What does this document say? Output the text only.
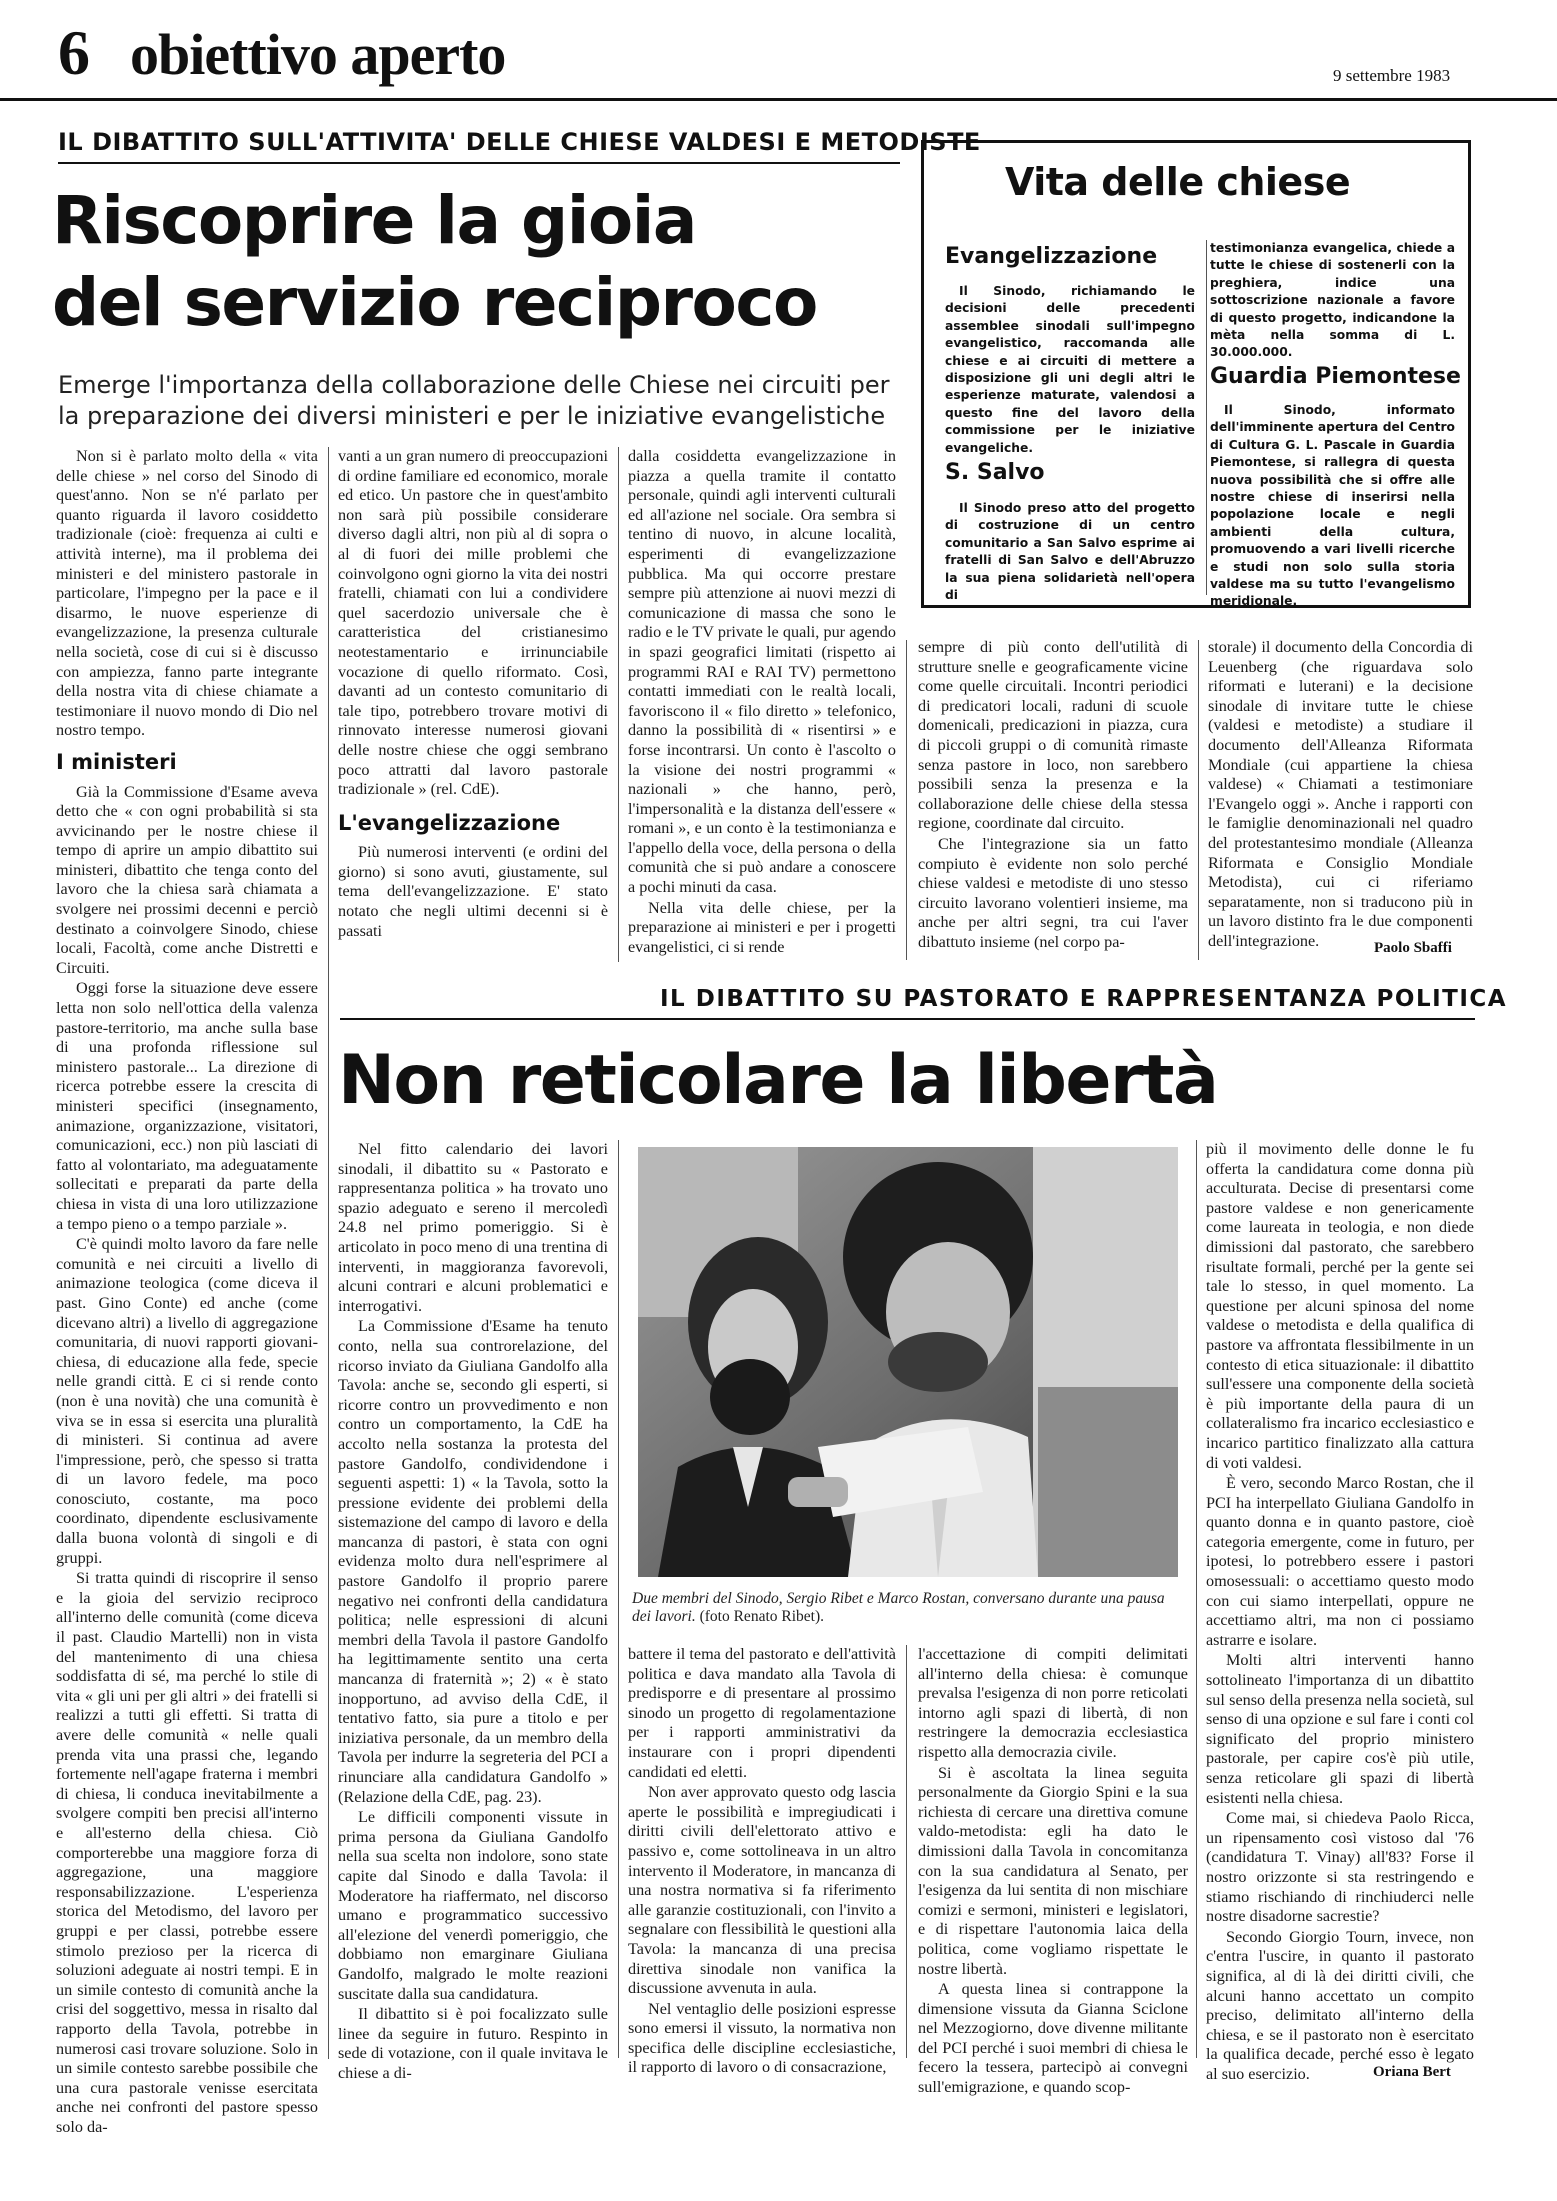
6 obiettivo aperto	9 settembre 1983
IL DIBATTITO SULL'ATTIVITA' DELLE CHIESE VALDESI E METODISTE
Riscoprire la gioia
del servizio reciproco
Emerge l'importanza della collaborazione delle Chiese nei circuiti per la preparazione dei diversi ministeri e per le iniziative evangelistiche
Vita delle chiese
Evangelizzazione

Il Sinodo, richiamando le decisioni delle precedenti assemblee sinodali sull'impegno evangelistico, raccomanda alle chiese e ai circuiti di mettere a disposizione gli uni degli altri le esperienze maturate, valendosi a questo fine del lavoro della commissione per le iniziative evangeliche.

S. Salvo

Il Sinodo preso atto del progetto di costruzione di un centro comunitario a San Salvo esprime ai fratelli di San Salvo e dell'Abruzzo la sua piena solidarietà nell'opera di

testimonianza evangelica, chiede a tutte le chiese di sostenerli con la preghiera, indice una sottoscrizione nazionale a favore di questo progetto, indicandone la mèta nella somma di L. 30.000.000.

Guardia Piemontese

Il Sinodo, informato dell'imminente apertura del Centro di Cultura G. L. Pascale in Guardia Piemontese, si rallegra di questa nuova possibilità che si offre alle nostre chiese di inserirsi nella popolazione locale e negli ambienti della cultura, promuovendo a vari livelli ricerche e studi non solo sulla storia valdese ma su tutto l'evangelismo meridionale.

Non si è parlato molto della « vita delle chiese » nel corso del Sinodo di quest'anno. Non se n'é parlato per quanto riguarda il lavoro cosiddetto tradizionale (cioè: frequenza ai culti e attività interne), ma il problema dei ministeri e del ministero pastorale in particolare, l'impegno per la pace e il disarmo, le nuove esperienze di evangelizzazione, la presenza culturale nella società, cose di cui si è discusso con ampiezza, fanno parte integrante della nostra vita di chiese chiamate a testimoniare il nuovo mondo di Dio nel nostro tempo.

I ministeri

Già la Commissione d'Esame aveva detto che « con ogni probabilità si sta avvicinando per le nostre chiese il tempo di aprire un ampio dibattito sui ministeri, dibattito che tenga conto del lavoro che la chiesa sarà chiamata a svolgere nei prossimi decenni e perciò destinato a coinvolgere Sinodo, chiese locali, Facoltà, come anche Distretti e Circuiti.

Oggi forse la situazione deve essere letta non solo nell'ottica della valenza pastore-territorio, ma anche sulla base di una profonda riflessione sul ministero pastorale... La direzione di ricerca potrebbe essere la crescita di ministeri specifici (insegnamento, animazione, organizzazione, visitatori, comunicazioni, ecc.) non più lasciati di fatto al volontariato, ma adeguatamente sollecitati e preparati da parte della chiesa in vista di una loro utilizzazione a tempo pieno o a tempo parziale ».

C'è quindi molto lavoro da fare nelle comunità e nei circuiti a livello di animazione teologica (come diceva il past. Gino Conte) ed anche (come dicevano altri) a livello di aggregazione comunitaria, di nuovi rapporti giovani-chiesa, di educazione alla fede, specie nelle grandi città. E ci si rende conto (non è una novità) che una comunità è viva se in essa si esercita una pluralità di ministeri. Si continua ad avere l'impressione, però, che spesso si tratta di un lavoro fedele, ma poco conosciuto, costante, ma poco coordinato, dipendente esclusivamente dalla buona volontà di singoli e di gruppi.

Si tratta quindi di riscoprire il senso e la gioia del servizio reciproco all'interno delle comunità (come diceva il past. Claudio Martelli) non in vista del mantenimento di una chiesa soddisfatta di sé, ma perché lo stile di vita « gli uni per gli altri » dei fratelli si realizzi a tutti gli effetti. Si tratta di avere delle comunità « nelle quali prenda vita una prassi che, legando fortemente nell'agape fraterna i membri di chiesa, li conduca inevitabilmente a svolgere compiti ben precisi all'interno e all'esterno della chiesa. Ciò comporterebbe una maggiore forza di aggregazione, una maggiore responsabilizzazione. L'esperienza storica del Metodismo, del lavoro per gruppi e per classi, potrebbe essere stimolo prezioso per la ricerca di soluzioni adeguate ai nostri tempi. E in un simile contesto di comunità anche la crisi del soggettivo, messa in risalto dal rapporto della Tavola, potrebbe in numerosi casi trovare soluzione. Solo in un simile contesto sarebbe possibile che una cura pastorale venisse esercitata anche nei confronti del pastore spesso solo da-

vanti a un gran numero di preoccupazioni di ordine familiare ed economico, morale ed etico. Un pastore che in quest'ambito non sarà più possibile considerare diverso dagli altri, non più al di sopra o al di fuori dei mille problemi che coinvolgono ogni giorno la vita dei nostri fratelli, chiamati con lui a condividere quel sacerdozio universale che è caratteristica del cristianesimo neotestamentario e irrinunciabile vocazione di quello riformato. Così, davanti ad un contesto comunitario di tale tipo, potrebbero trovare motivi di rinnovato interesse numerosi giovani delle nostre chiese che oggi sembrano poco attratti dal lavoro pastorale tradizionale » (rel. CdE).

L'evangelizzazione

Più numerosi interventi (e ordini del giorno) si sono avuti, giustamente, sul tema dell'evangelizzazione. E' stato notato che negli ultimi decenni si è passati

dalla cosiddetta evangelizzazione in piazza a quella tramite il contatto personale, quindi agli interventi culturali ed all'azione nel sociale. Ora sembra si tentino di nuovo, in alcune località, esperimenti di evangelizzazione pubblica. Ma qui occorre prestare sempre più attenzione ai nuovi mezzi di comunicazione di massa che sono le radio e le TV private le quali, pur agendo in spazi geografici limitati (rispetto ai programmi RAI e RAI TV) permettono contatti immediati con le realtà locali, favoriscono il « filo diretto » telefonico, danno la possibilità di « risentirsi » e forse incontrarsi. Un conto è l'ascolto o la visione dei nostri programmi « nazionali » che hanno, però, l'impersonalità e la distanza dell'essere « romani », e un conto è la testimonianza e l'appello della voce, della persona o della comunità che si può andare a conoscere a pochi minuti da casa.

Nella vita delle chiese, per la preparazione ai ministeri e per i progetti evangelistici, ci si rende

sempre di più conto dell'utilità di strutture snelle e geograficamente vicine come quelle circuitali. Incontri periodici di predicatori locali, raduni di scuole domenicali, predicazioni in piazza, cura di piccoli gruppi o di comunità rimaste senza pastore in loco, non sarebbero possibili senza la presenza e la collaborazione delle chiese della stessa regione, coordinate dal circuito.

Che l'integrazione sia un fatto compiuto è evidente non solo perché chiese valdesi e metodiste di uno stesso circuito lavorano volentieri insieme, ma anche per altri segni, tra cui l'aver dibattuto insieme (nel corpo pa-

storale) il documento della Concordia di Leuenberg (che riguardava solo riformati e luterani) e la decisione sinodale di invitare tutte le chiese (valdesi e metodiste) a studiare il documento dell'Alleanza Riformata Mondiale (cui appartiene la chiesa valdese) « Chiamati a testimoniare l'Evangelo oggi ». Anche i rapporti con le famiglie denominazionali nel quadro del protestantesimo mondiale (Alleanza Riformata e Consiglio Mondiale Metodista), cui ci riferiamo separatamente, non si traducono più in un lavoro distinto fra le due componenti dell'integrazione.	Paolo Sbaffi
IL DIBATTITO SU PASTORATO E RAPPRESENTANZA POLITICA
Non reticolare la libertà
Due membri del Sinodo, Sergio Ribet e Marco Rostan, conversano durante una pausa dei lavori. (foto Renato Ribet).

Nel fitto calendario dei lavori sinodali, il dibattito su « Pastorato e rappresentanza politica » ha trovato uno spazio adeguato e sereno il mercoledì 24.8 nel primo pomeriggio. Si è articolato in poco meno di una trentina di interventi, in maggioranza favorevoli, alcuni contrari e alcuni problematici e interrogativi.

La Commissione d'Esame ha tenuto conto, nella sua controrelazione, del ricorso inviato da Giuliana Gandolfo alla Tavola: anche se, secondo gli esperti, si ricorre contro un provvedimento e non contro un comportamento, la CdE ha accolto nella sostanza la protesta del pastore Gandolfo, condividendone i seguenti aspetti: 1) « la Tavola, sotto la pressione evidente dei problemi della sistemazione del campo di lavoro e della mancanza di pastori, è stata con ogni evidenza molto dura nell'esprimere al pastore Gandolfo il proprio parere negativo nei confronti della candidatura politica; nelle espressioni di alcuni membri della Tavola il pastore Gandolfo ha legittimamente sentito una certa mancanza di fraternità »; 2) « è stato inopportuno, ad avviso della CdE, il tentativo fatto, sia pure a titolo e per iniziativa personale, da un membro della Tavola per indurre la segreteria del PCI a rinunciare alla candidatura Gandolfo » (Relazione della CdE, pag. 23).

Le difficili componenti vissute in prima persona da Giuliana Gandolfo nella sua scelta non indolore, sono state capite dal Sinodo e dalla Tavola: il Moderatore ha riaffermato, nel discorso umano e programmatico successivo all'elezione del venerdì pomeriggio, che dobbiamo non emarginare Giuliana Gandolfo, malgrado le molte reazioni suscitate dalla sua candidatura.

Il dibattito si è poi focalizzato sulle linee da seguire in futuro. Respinto in sede di votazione, con il quale invitava le chiese a di-

battere il tema del pastorato e dell'attività politica e dava mandato alla Tavola di predisporre e di presentare al prossimo sinodo un progetto di regolamentazione per i rapporti amministrativi da instaurare con i propri dipendenti candidati ed eletti.

Non aver approvato questo odg lascia aperte le possibilità e impregiudicati i diritti civili dell'elettorato attivo e passivo e, come sottolineava in un altro intervento il Moderatore, in mancanza di una nostra normativa si fa riferimento alle garanzie costituzionali, con l'invito a segnalare con flessibilità le questioni alla Tavola: la mancanza di una precisa direttiva sinodale non vanifica la discussione avvenuta in aula.

Nel ventaglio delle posizioni espresse sono emersi il vissuto, la normativa non specifica delle discipline ecclesiastiche, il rapporto di lavoro o di consacrazione,

l'accettazione di compiti delimitati all'interno della chiesa: è comunque prevalsa l'esigenza di non porre reticolati intorno agli spazi di libertà, di non restringere la democrazia ecclesiastica rispetto alla democrazia civile.

Si è ascoltata la linea seguita personalmente da Giorgio Spini e la sua richiesta di cercare una direttiva comune valdo-metodista: egli ha dato le dimissioni dalla Tavola in concomitanza con la sua candidatura al Senato, per l'esigenza da lui sentita di non mischiare comizi e sermoni, ministeri e legislatori, e di rispettare l'autonomia laica della politica, come vogliamo rispettate le nostre libertà.

A questa linea si contrappone la dimensione vissuta da Gianna Sciclone nel Mezzogiorno, dove divenne militante del PCI perché i suoi membri di chiesa le fecero la tessera, partecipò ai convegni sull'emigrazione, e quando scop-

più il movimento delle donne le fu offerta la candidatura come donna più acculturata. Decise di presentarsi come pastore valdese e non genericamente come laureata in teologia, e non diede dimissioni dal pastorato, che sarebbero risultate formali, perché per la gente sei tale lo stesso, in quel momento. La questione per alcuni spinosa del nome valdese o metodista e della qualifica di pastore va affrontata flessibilmente in un contesto di etica situazionale: il dibattito sull'essere una componente della società è più importante della paura di un collateralismo fra incarico ecclesiastico e incarico partitico finalizzato alla cattura di voti valdesi.

È vero, secondo Marco Rostan, che il PCI ha interpellato Giuliana Gandolfo in quanto donna e in quanto pastore, cioè categoria emergente, come in futuro, per ipotesi, lo potrebbero essere i pastori omosessuali: o accettiamo questo modo con cui siamo interpellati, oppure ne accettiamo altri, ma non ci possiamo astrarre e isolare.

Molti altri interventi hanno sottolineato l'importanza di un dibattito sul senso della presenza nella società, sul senso di una opzione e sul fare i conti col significato del proprio ministero pastorale, per capire cos'è più utile, senza reticolare gli spazi di libertà esistenti nella chiesa.

Come mai, si chiedeva Paolo Ricca, un ripensamento così vistoso dal '76 (candidatura T. Vinay) all'83? Forse il nostro orizzonte si sta restringendo e stiamo rischiando di rinchiuderci nelle nostre disadorne sacrestie?

Secondo Giorgio Tourn, invece, non c'entra l'uscire, in quanto il pastorato significa, al di là dei diritti civili, che alcuni hanno accettato un compito preciso, delimitato all'interno della chiesa, e se il pastorato non è esercitato la qualifica decade, perché esso è legato al suo esercizio.	Oriana Bert
